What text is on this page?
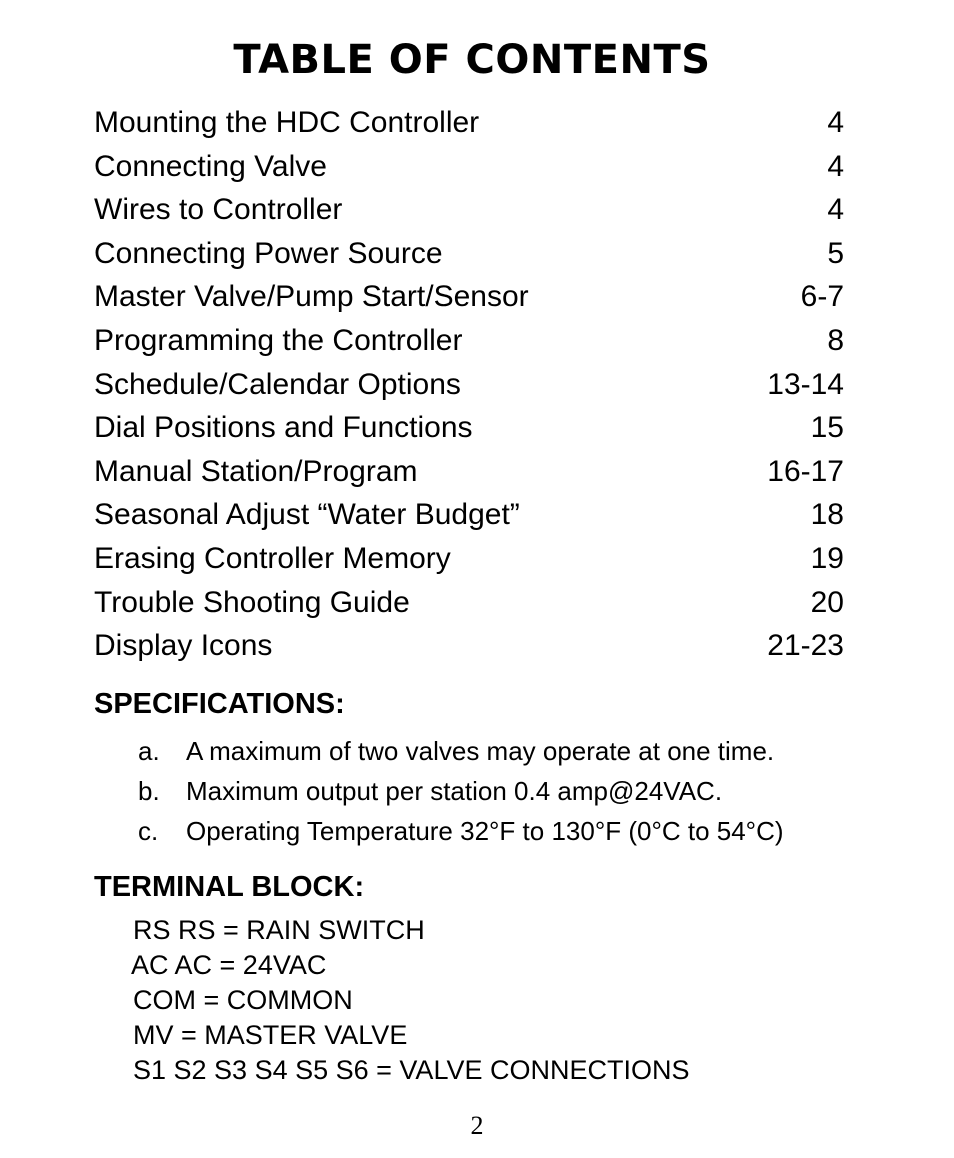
TABLE OF CONTENTS
Mounting the HDC Controller	4
Connecting Valve	4
Wires to Controller	4
Connecting Power Source	5
Master Valve/Pump Start/Sensor	6-7
Programming the Controller	8
Schedule/Calendar Options	13-14
Dial Positions and Functions	15
Manual Station/Program	16-17
Seasonal Adjust “Water Budget”	18
Erasing Controller Memory	19
Trouble Shooting Guide	20
Display Icons	21-23
SPECIFICATIONS:
a. A maximum of two valves may operate at one time.
b. Maximum output per station 0.4 amp@24VAC.
c. Operating Temperature 32°F to 130°F (0°C to 54°C)
TERMINAL BLOCK:
RS RS = RAIN SWITCH
AC AC = 24VAC
COM = COMMON
MV = MASTER VALVE
S1 S2 S3 S4 S5 S6 = VALVE CONNECTIONS
2
